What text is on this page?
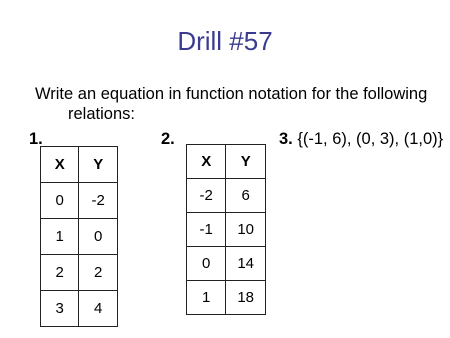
Drill #57
Write an equation in function notation for the following
relations:
1.	2.	3. {(-1, 6), (0, 3), (1,0)}
X	Y
0	-2
1	0
2	2
3	4
X	Y
-2	6
-1	10
0	14
1	18
